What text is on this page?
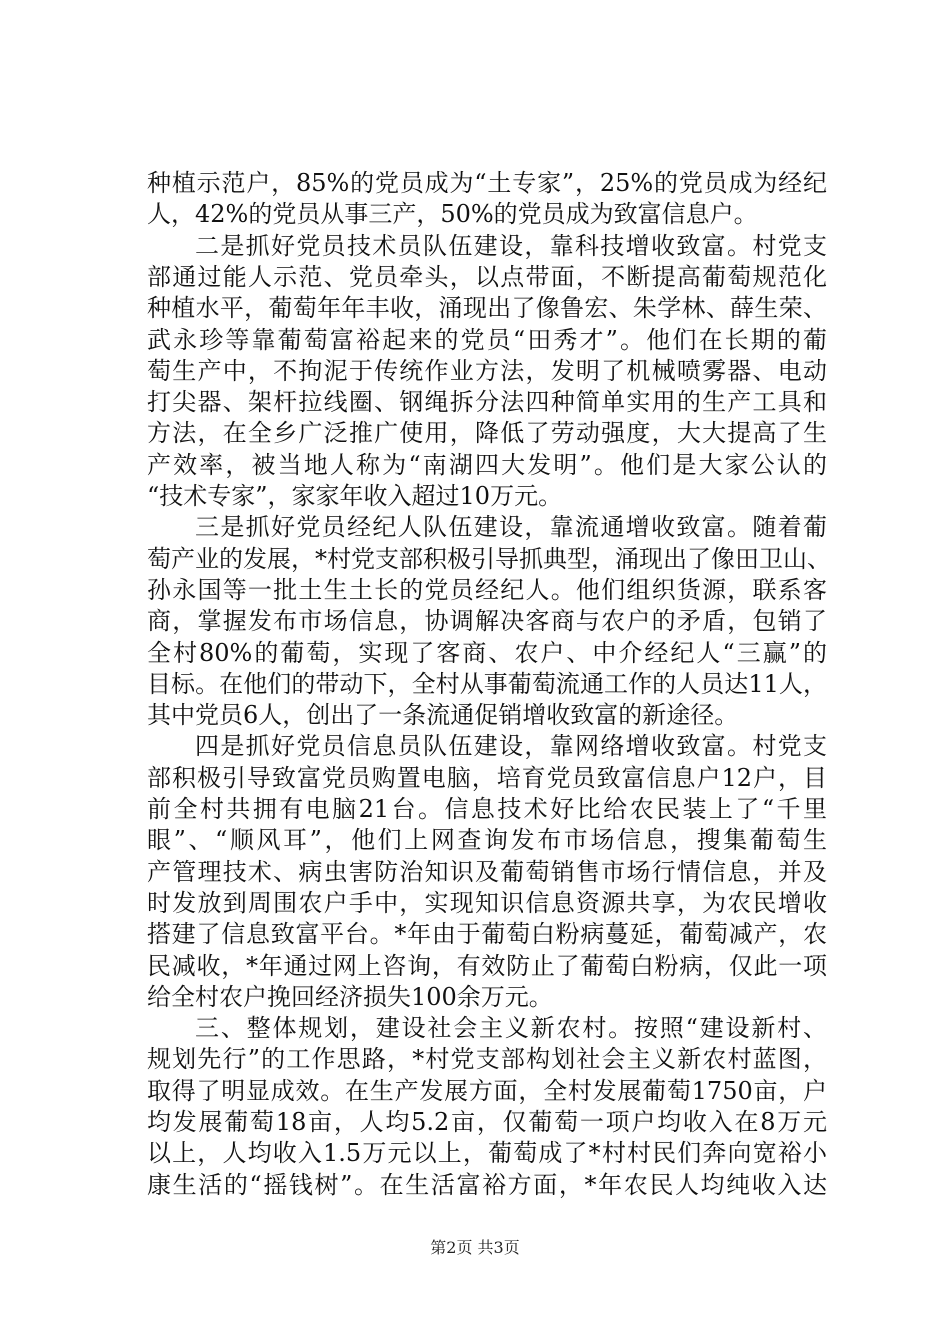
种植示范户，85%的党员成为“土专家”，25%的党员成为经纪
人，42%的党员从事三产，50%的党员成为致富信息户。
二是抓好党员技术员队伍建设，靠科技增收致富。村党支
部通过能人示范、党员牵头，以点带面，不断提高葡萄规范化
种植水平，葡萄年年丰收，涌现出了像鲁宏、朱学林、薛生荣、
武永珍等靠葡萄富裕起来的党员“田秀才”。他们在长期的葡
萄生产中，不拘泥于传统作业方法，发明了机械喷雾器、电动
打尖器、架杆拉线圈、钢绳拆分法四种简单实用的生产工具和
方法，在全乡广泛推广使用，降低了劳动强度，大大提高了生
产效率，被当地人称为“南湖四大发明”。他们是大家公认的
“技术专家”，家家年收入超过10万元。
三是抓好党员经纪人队伍建设，靠流通增收致富。随着葡
萄产业的发展，*村党支部积极引导抓典型，涌现出了像田卫山、
孙永国等一批土生土长的党员经纪人。他们组织货源，联系客
商，掌握发布市场信息，协调解决客商与农户的矛盾，包销了
全村80%的葡萄，实现了客商、农户、中介经纪人“三赢”的
目标。在他们的带动下，全村从事葡萄流通工作的人员达11人，
其中党员6人，创出了一条流通促销增收致富的新途径。
四是抓好党员信息员队伍建设，靠网络增收致富。村党支
部积极引导致富党员购置电脑，培育党员致富信息户12户，目
前全村共拥有电脑21台。信息技术好比给农民装上了“千里
眼”、“顺风耳”，他们上网查询发布市场信息，搜集葡萄生
产管理技术、病虫害防治知识及葡萄销售市场行情信息，并及
时发放到周围农户手中，实现知识信息资源共享，为农民增收
搭建了信息致富平台。*年由于葡萄白粉病蔓延，葡萄减产，农
民减收，*年通过网上咨询，有效防止了葡萄白粉病，仅此一项
给全村农户挽回经济损失100余万元。
三、整体规划，建设社会主义新农村。按照“建设新村、
规划先行”的工作思路，*村党支部构划社会主义新农村蓝图，
取得了明显成效。在生产发展方面，全村发展葡萄1750亩，户
均发展葡萄18亩，人均5.2亩，仅葡萄一项户均收入在8万元
以上，人均收入1.5万元以上，葡萄成了*村村民们奔向宽裕小
康生活的“摇钱树”。在生活富裕方面，*年农民人均纯收入达
第2页 共3页
